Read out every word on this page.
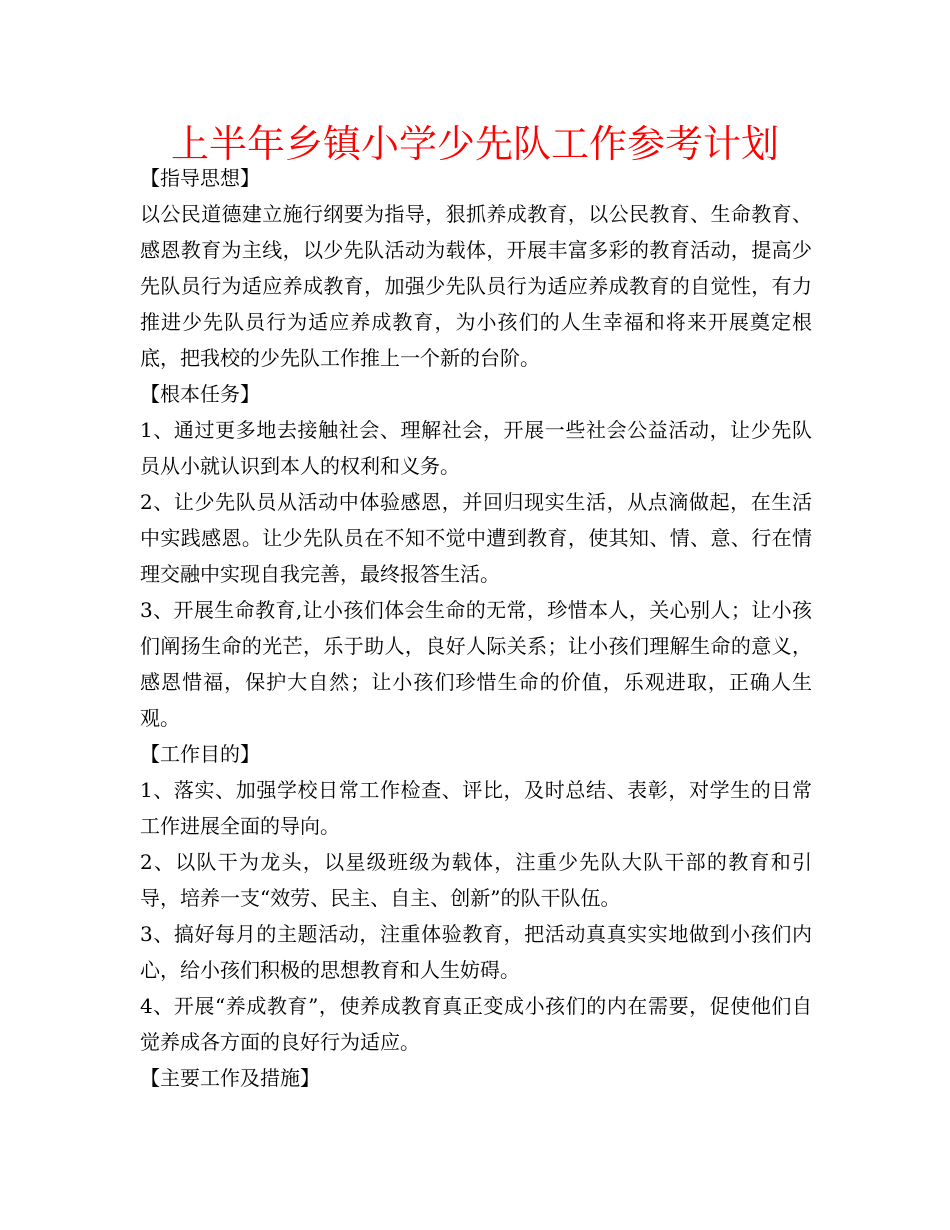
上半年乡镇小学少先队工作参考计划

【指导思想】

以公民道德建立施行纲要为指导，狠抓养成教育，以公民教育、生命教育、感恩教育为主线，以少先队活动为载体，开展丰富多彩的教育活动，提高少先队员行为适应养成教育，加强少先队员行为适应养成教育的自觉性，有力推进少先队员行为适应养成教育，为小孩们的人生幸福和将来开展奠定根底，把我校的少先队工作推上一个新的台阶。

【根本任务】

1、通过更多地去接触社会、理解社会，开展一些社会公益活动，让少先队员从小就认识到本人的权利和义务。

2、让少先队员从活动中体验感恩，并回归现实生活，从点滴做起，在生活中实践感恩。让少先队员在不知不觉中遭到教育，使其知、情、意、行在情理交融中实现自我完善，最终报答生活。

3、开展生命教育,让小孩们体会生命的无常，珍惜本人，关心别人；让小孩们阐扬生命的光芒，乐于助人，良好人际关系；让小孩们理解生命的意义，感恩惜福，保护大自然；让小孩们珍惜生命的价值，乐观进取，正确人生观。

【工作目的】

1、落实、加强学校日常工作检查、评比，及时总结、表彰，对学生的日常工作进展全面的导向。

2、以队干为龙头，以星级班级为载体，注重少先队大队干部的教育和引导，培养一支“效劳、民主、自主、创新”的队干队伍。

3、搞好每月的主题活动，注重体验教育，把活动真真实实地做到小孩们内心，给小孩们积极的思想教育和人生妨碍。

4、开展“养成教育”，使养成教育真正变成小孩们的内在需要，促使他们自觉养成各方面的良好行为适应。

【主要工作及措施】
